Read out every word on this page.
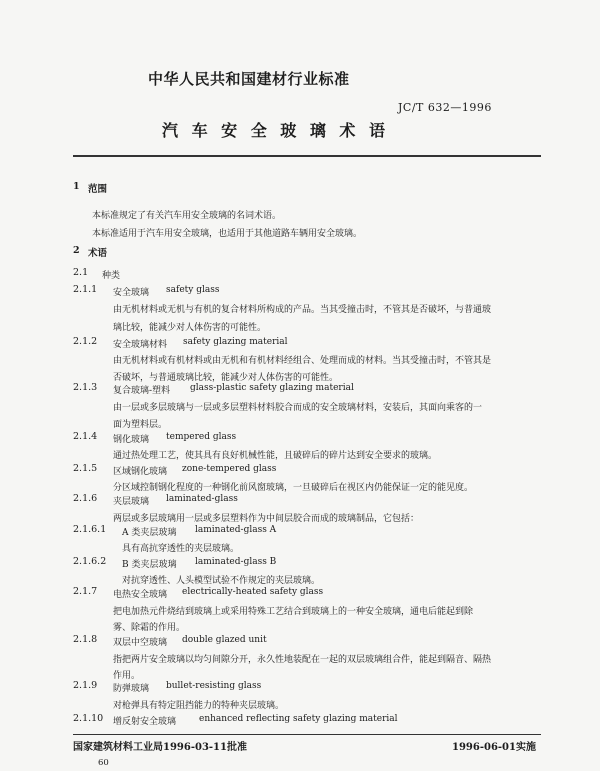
中华人民共和国建材行业标准
JC/T 632—1996
汽 车 安 全 玻 璃 术 语
1 范围
本标准规定了有关汽车用安全玻璃的名词术语。
本标准适用于汽车用安全玻璃，也适用于其他道路车辆用安全玻璃。
2 术语
2.1 种类
2.1.1 安全玻璃 safety glass
由无机材料或无机与有机的复合材料所构成的产品。当其受撞击时，不管其是否破坏，与普通玻
璃比较，能减少对人体伤害的可能性。
2.1.2 安全玻璃材料 safety glazing material
由无机材料或有机材料或由无机和有机材料经组合、处理而成的材料。当其受撞击时，不管其是
否破坏，与普通玻璃比较，能减少对人体伤害的可能性。
2.1.3 复合玻璃-塑料 glass-plastic safety glazing material
由一层或多层玻璃与一层或多层塑料材料胶合而成的安全玻璃材料，安装后，其面向乘客的一
面为塑料层。
2.1.4 钢化玻璃 tempered glass
通过热处理工艺，使其具有良好机械性能，且破碎后的碎片达到安全要求的玻璃。
2.1.5 区域钢化玻璃 zone-tempered glass
分区域控制钢化程度的一种钢化前风窗玻璃，一旦破碎后在视区内仍能保证一定的能见度。
2.1.6 夹层玻璃 laminated-glass
两层或多层玻璃用一层或多层塑料作为中间层胶合而成的玻璃制品，它包括：
2.1.6.1 A 类夹层玻璃 laminated-glass A
具有高抗穿透性的夹层玻璃。
2.1.6.2 B 类夹层玻璃 laminated-glass B
对抗穿透性、人头模型试验不作规定的夹层玻璃。
2.1.7 电热安全玻璃 electrically-heated safety glass
把电加热元件烧结到玻璃上或采用特殊工艺结合到玻璃上的一种安全玻璃，通电后能起到除
雾、除霜的作用。
2.1.8 双层中空玻璃 double glazed unit
指把两片安全玻璃以均匀间隙分开，永久性地装配在一起的双层玻璃组合件，能起到隔音、隔热
作用。
2.1.9 防弹玻璃 bullet-resisting glass
对枪弹具有特定阻挡能力的特种夹层玻璃。
2.1.10 增反射安全玻璃	enhanced reflecting safety glazing material
国家建筑材料工业局1996-03-11批准	1996-06-01实施
60
